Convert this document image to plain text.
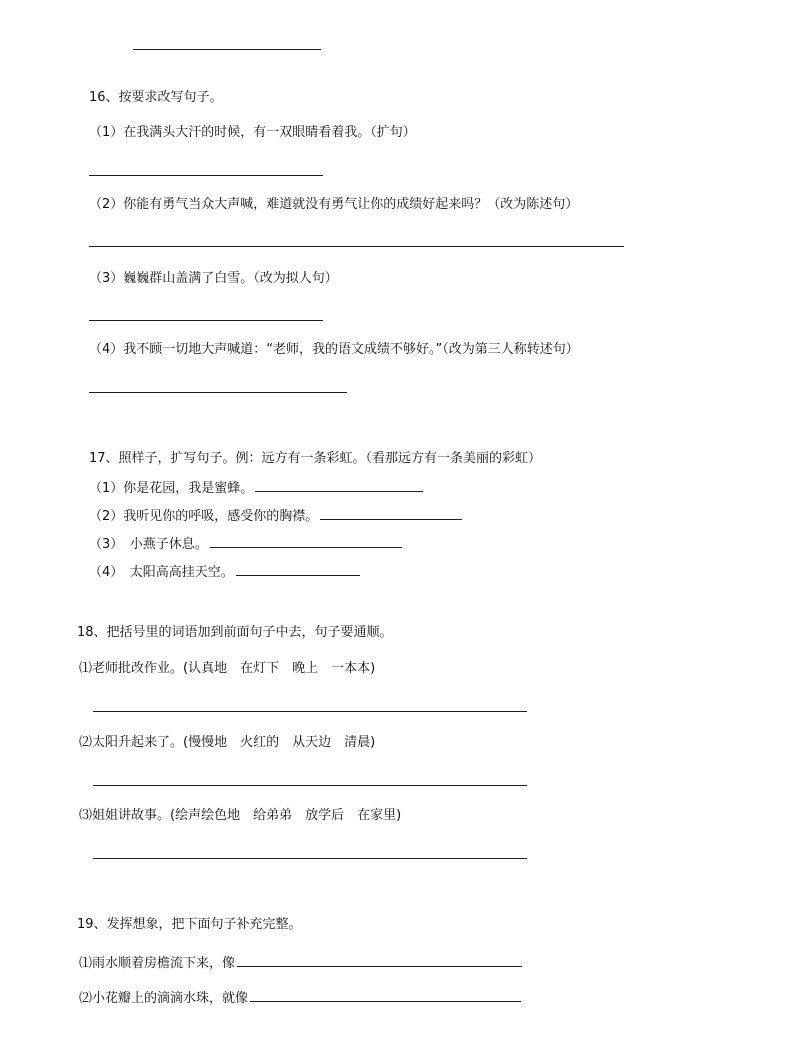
16、按要求改写句子。
（1）在我满头大汗的时候，有一双眼睛看着我。（扩句）
（2）你能有勇气当众大声喊，难道就没有勇气让你的成绩好起来吗？（改为陈述句）
（3）巍巍群山盖满了白雪。（改为拟人句）
（4）我不顾一切地大声喊道：“老师，我的语文成绩不够好。”（改为第三人称转述句）
17、照样子，扩写句子。例：远方有一条彩虹。（看那远方有一条美丽的彩虹）
（1）你是花园，我是蜜蜂。
（2）我听见你的呼吸，感受你的胸襟。
（3）　小燕子休息。
（4）　太阳高高挂天空。
18、把括号里的词语加到前面句子中去，句子要通顺。
⑴老师批改作业。(认真地　在灯下　晚上　一本本)
⑵太阳升起来了。(慢慢地　火红的　从天边　清晨)
⑶姐姐讲故事。(绘声绘色地　给弟弟　放学后　在家里)
19、发挥想象，把下面句子补充完整。
⑴雨水顺着房檐流下来，像
⑵小花瓣上的滴滴水珠，就像
